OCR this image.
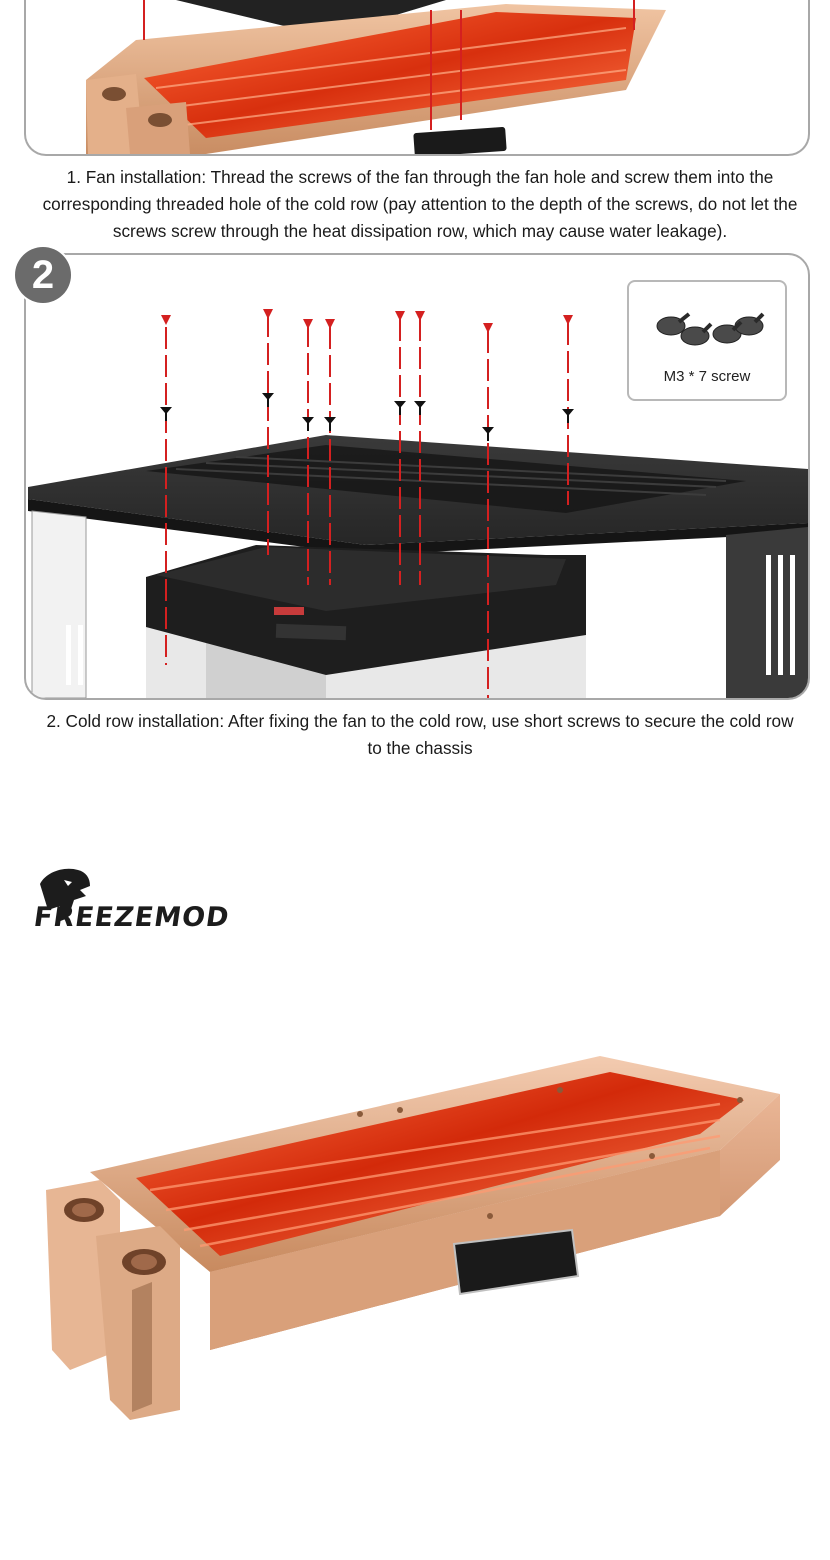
1. Fan installation: Thread the screws of the fan through the fan hole and screw them into the corresponding threaded hole of the cold row (pay attention to the depth of the screws, do not let the screws screw through the heat dissipation row, which may cause water leakage).

2
M3 * 7 screw

2. Cold row installation: After fixing the fan to the cold row, use short screws to secure the cold row to the chassis

FREEZEMOD
